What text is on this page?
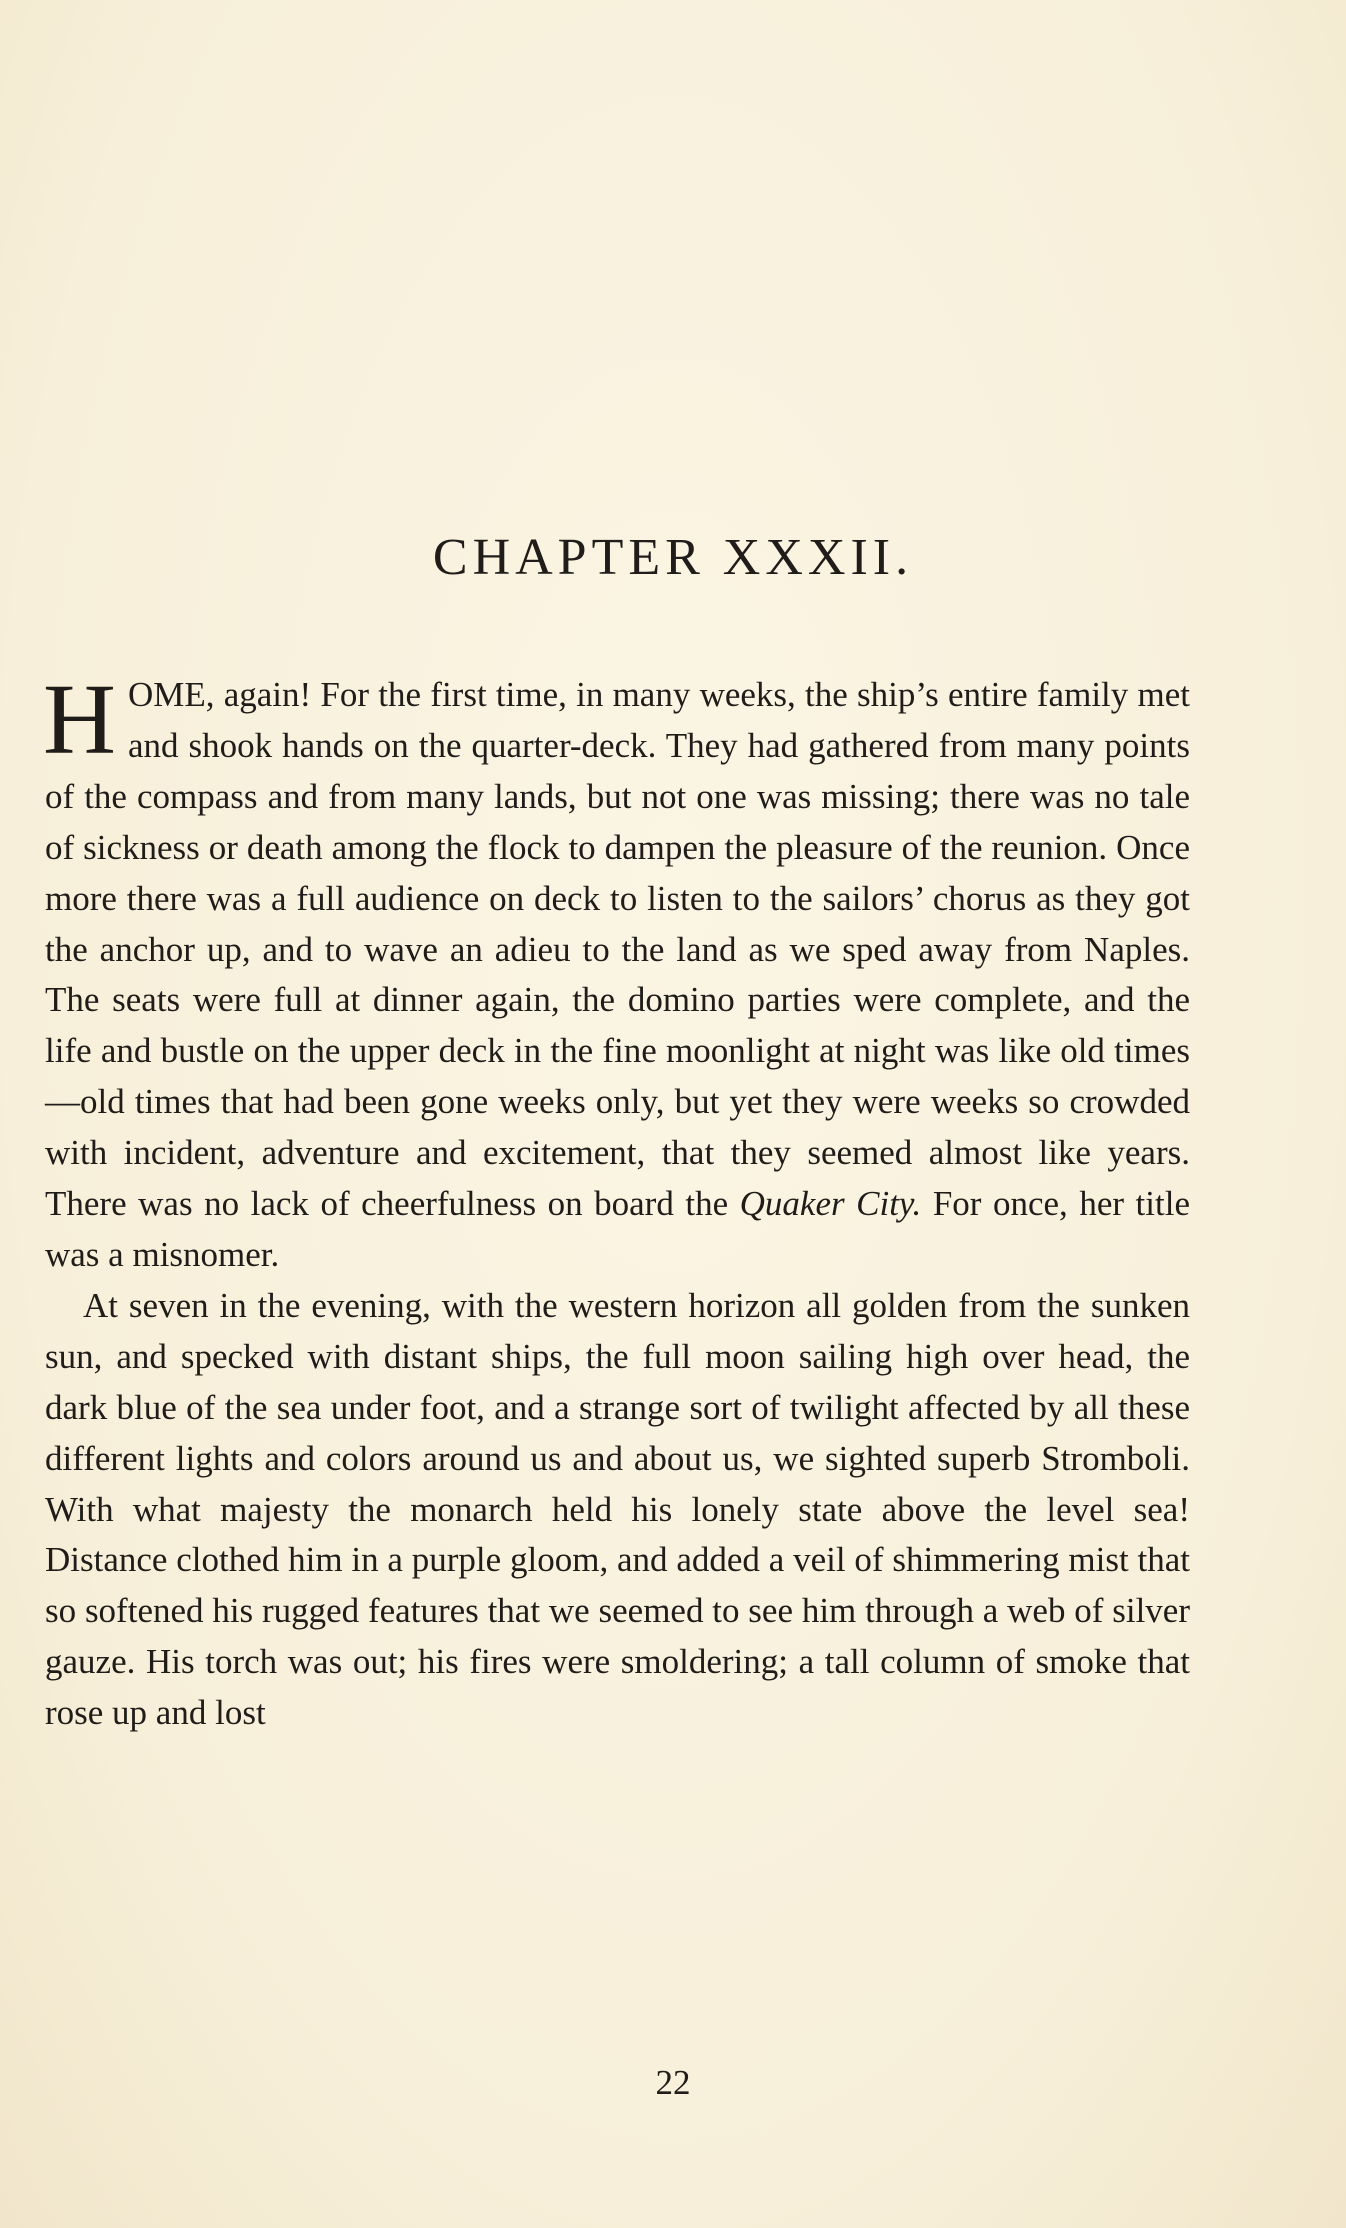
CHAPTER XXXII.

HOME, again! For the first time, in many weeks, the ship’s entire family met and shook hands on the quarter-deck. They had gathered from many points of the compass and from many lands, but not one was missing; there was no tale of sickness or death among the flock to dampen the pleasure of the reunion. Once more there was a full audience on deck to listen to the sailors’ chorus as they got the anchor up, and to wave an adieu to the land as we sped away from Naples. The seats were full at dinner again, the domino parties were complete, and the life and bustle on the upper deck in the fine moonlight at night was like old times—old times that had been gone weeks only, but yet they were weeks so crowded with incident, adventure and excitement, that they seemed almost like years. There was no lack of cheerfulness on board the Quaker City. For once, her title was a misnomer.

At seven in the evening, with the western horizon all golden from the sunken sun, and specked with distant ships, the full moon sailing high over head, the dark blue of the sea under foot, and a strange sort of twilight affected by all these different lights and colors around us and about us, we sighted superb Stromboli. With what majesty the monarch held his lonely state above the level sea! Distance clothed him in a purple gloom, and added a veil of shimmering mist that so softened his rugged features that we seemed to see him through a web of silver gauze. His torch was out; his fires were smoldering; a tall column of smoke that rose up and lost

22
